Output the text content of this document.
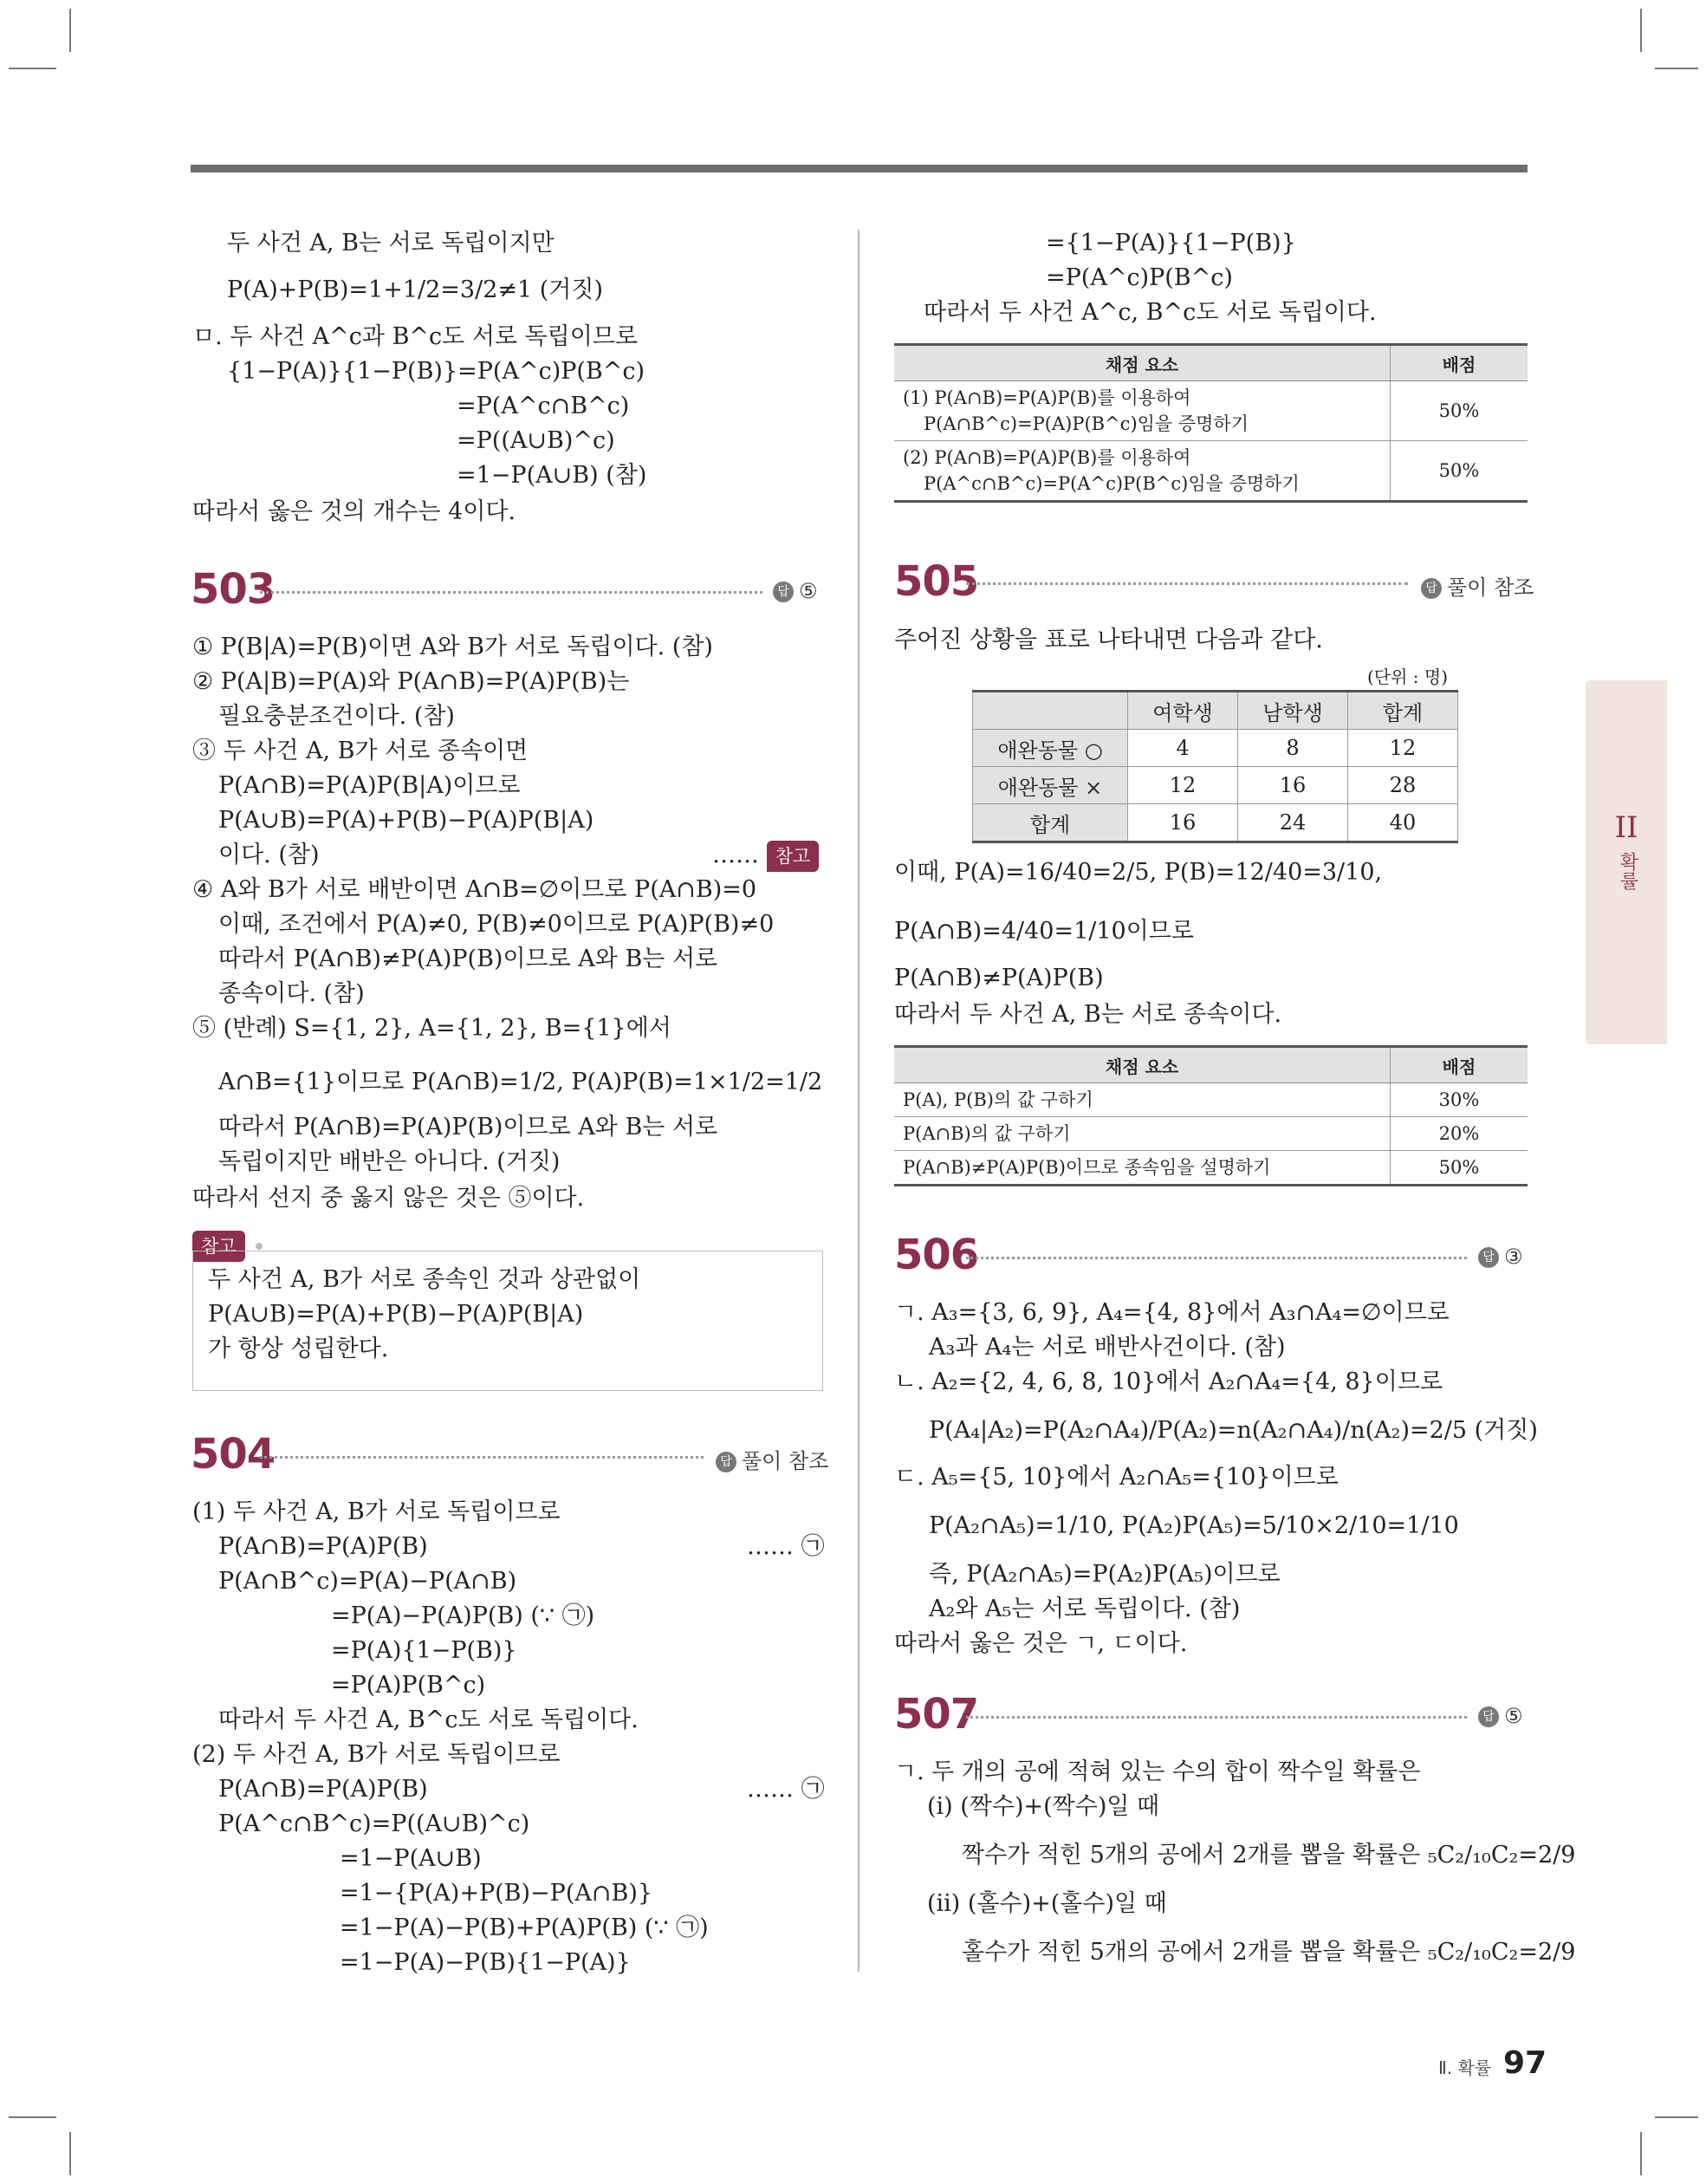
두 사건 A, B는 서로 독립이지만
P(A)+P(B)=1+1/2=3/2≠1 (거짓)
ㅁ. 두 사건 A^c과 B^c도 서로 독립이므로
{1−P(A)}{1−P(B)}=P(A^c)P(B^c)
=P(A^c∩B^c)
=P((A∪B)^c)
=1−P(A∪B) (참)
따라서 옳은 것의 개수는 4이다.
503	답 ⑤
① P(B|A)=P(B)이면 A와 B가 서로 독립이다. (참)
② P(A|B)=P(A)와 P(A∩B)=P(A)P(B)는
필요충분조건이다. (참)
③ 두 사건 A, B가 서로 종속이면
P(A∩B)=P(A)P(B|A)이므로
P(A∪B)=P(A)+P(B)−P(A)P(B|A)
이다. (참)	…… 참고
④ A와 B가 서로 배반이면 A∩B=∅이므로 P(A∩B)=0
이때, 조건에서 P(A)≠0, P(B)≠0이므로 P(A)P(B)≠0
따라서 P(A∩B)≠P(A)P(B)이므로 A와 B는 서로
종속이다. (참)
⑤ (반례) S={1, 2}, A={1, 2}, B={1}에서
A∩B={1}이므로 P(A∩B)=1/2, P(A)P(B)=1×1/2=1/2
따라서 P(A∩B)=P(A)P(B)이므로 A와 B는 서로
독립이지만 배반은 아니다. (거짓)
따라서 선지 중 옳지 않은 것은 ⑤이다.
참고
두 사건 A, B가 서로 종속인 것과 상관없이
P(A∪B)=P(A)+P(B)−P(A)P(B|A)
가 항상 성립한다.
504	답 풀이 참조
(1) 두 사건 A, B가 서로 독립이므로
P(A∩B)=P(A)P(B)	…… ㉠
P(A∩B^c)=P(A)−P(A∩B)
=P(A)−P(A)P(B) (∵ ㉠)
=P(A){1−P(B)}
=P(A)P(B^c)
따라서 두 사건 A, B^c도 서로 독립이다.
(2) 두 사건 A, B가 서로 독립이므로
P(A∩B)=P(A)P(B)	…… ㉠
P(A^c∩B^c)=P((A∪B)^c)
=1−P(A∪B)
=1−{P(A)+P(B)−P(A∩B)}
=1−P(A)−P(B)+P(A)P(B) (∵ ㉠)
=1−P(A)−P(B){1−P(A)}
={1−P(A)}{1−P(B)}
=P(A^c)P(B^c)
따라서 두 사건 A^c, B^c도 서로 독립이다.
채점 요소	배점

(1) P(A∩B)=P(A)P(B)를 이용하여
P(A∩B^c)=P(A)P(B^c)임을 증명하기	50%

(2) P(A∩B)=P(A)P(B)를 이용하여
P(A^c∩B^c)=P(A^c)P(B^c)임을 증명하기	50%
505	답 풀이 참조
주어진 상황을 표로 나타내면 다음과 같다.
(단위 : 명)
	여학생	남학생	합계
애완동물 ○	4	8	12
애완동물 ×	12	16	28
합계	16	24	40
이때, P(A)=16/40=2/5, P(B)=12/40=3/10,
P(A∩B)=4/40=1/10이므로
P(A∩B)≠P(A)P(B)
따라서 두 사건 A, B는 서로 종속이다.
채점 요소	배점
P(A), P(B)의 값 구하기	30%
P(A∩B)의 값 구하기	20%
P(A∩B)≠P(A)P(B)이므로 종속임을 설명하기	50%
506	답 ③
ㄱ. A₃={3, 6, 9}, A₄={4, 8}에서 A₃∩A₄=∅이므로
A₃과 A₄는 서로 배반사건이다. (참)
ㄴ. A₂={2, 4, 6, 8, 10}에서 A₂∩A₄={4, 8}이므로
P(A₄|A₂)=P(A₂∩A₄)/P(A₂)=n(A₂∩A₄)/n(A₂)=2/5 (거짓)
ㄷ. A₅={5, 10}에서 A₂∩A₅={10}이므로
P(A₂∩A₅)=1/10, P(A₂)P(A₅)=5/10×2/10=1/10
즉, P(A₂∩A₅)=P(A₂)P(A₅)이므로
A₂와 A₅는 서로 독립이다. (참)
따라서 옳은 것은 ㄱ, ㄷ이다.
507	답 ⑤
ㄱ. 두 개의 공에 적혀 있는 수의 합이 짝수일 확률은
(i) (짝수)+(짝수)일 때
짝수가 적힌 5개의 공에서 2개를 뽑을 확률은 ₅C₂/₁₀C₂=2/9
(ii) (홀수)+(홀수)일 때
홀수가 적힌 5개의 공에서 2개를 뽑을 확률은 ₅C₂/₁₀C₂=2/9
II
확률
Ⅱ. 확률 97
